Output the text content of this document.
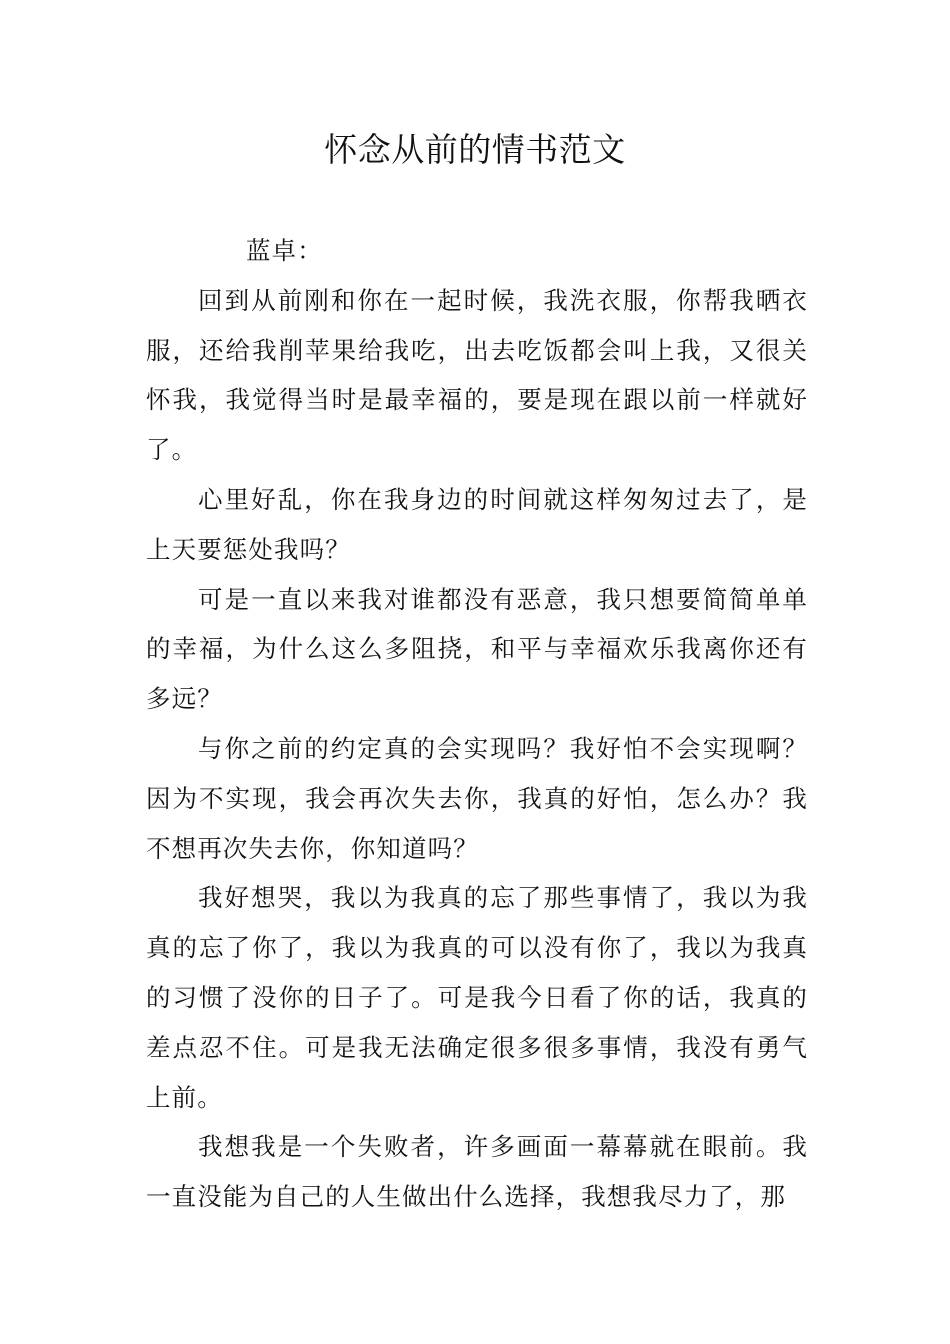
怀念从前的情书范文

蓝卓：

回到从前刚和你在一起时候，我洗衣服，你帮我晒衣服，还给我削苹果给我吃，出去吃饭都会叫上我，又很关怀我，我觉得当时是最幸福的，要是现在跟以前一样就好了。

心里好乱，你在我身边的时间就这样匆匆过去了，是上天要惩处我吗？

可是一直以来我对谁都没有恶意，我只想要简简单单的幸福，为什么这么多阻挠，和平与幸福欢乐我离你还有多远？

与你之前的约定真的会实现吗？我好怕不会实现啊？因为不实现，我会再次失去你，我真的好怕，怎么办？我不想再次失去你，你知道吗？

我好想哭，我以为我真的忘了那些事情了，我以为我真的忘了你了，我以为我真的可以没有你了，我以为我真的习惯了没你的日子了。可是我今日看了你的话，我真的差点忍不住。可是我无法确定很多很多事情，我没有勇气上前。

我想我是一个失败者，许多画面一幕幕就在眼前。我一直没能为自己的人生做出什么选择，我想我尽力了，那
